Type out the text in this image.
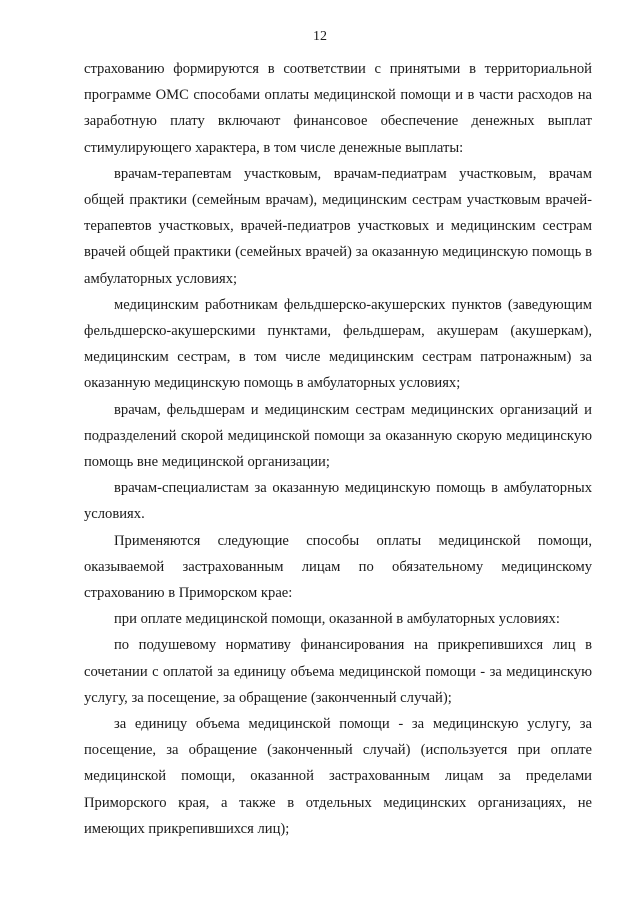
12

страхованию формируются в соответствии с принятыми в территориальной программе ОМС способами оплаты медицинской помощи и в части расходов на заработную плату включают финансовое обеспечение денежных выплат стимулирующего характера, в том числе денежные выплаты:

врачам-терапевтам участковым, врачам-педиатрам участковым, врачам общей практики (семейным врачам), медицинским сестрам участковым врачей-терапевтов участковых, врачей-педиатров участковых и медицинским сестрам врачей общей практики (семейных врачей) за оказанную медицинскую помощь в амбулаторных условиях;

медицинским работникам фельдшерско-акушерских пунктов (заведующим фельдшерско-акушерскими пунктами, фельдшерам, акушерам (акушеркам), медицинским сестрам, в том числе медицинским сестрам патронажным) за оказанную медицинскую помощь в амбулаторных условиях;

врачам, фельдшерам и медицинским сестрам медицинских организаций и подразделений скорой медицинской помощи за оказанную скорую медицинскую помощь вне медицинской организации;

врачам-специалистам за оказанную медицинскую помощь в амбулаторных условиях.

Применяются следующие способы оплаты медицинской помощи, оказываемой застрахованным лицам по обязательному медицинскому страхованию в Приморском крае:

при оплате медицинской помощи, оказанной в амбулаторных условиях:

по подушевому нормативу финансирования на прикрепившихся лиц в сочетании с оплатой за единицу объема медицинской помощи - за медицинскую услугу, за посещение, за обращение (законченный случай);

за единицу объема медицинской помощи - за медицинскую услугу, за посещение, за обращение (законченный случай) (используется при оплате медицинской помощи, оказанной застрахованным лицам за пределами Приморского края, а также в отдельных медицинских организациях, не имеющих прикрепившихся лиц);
